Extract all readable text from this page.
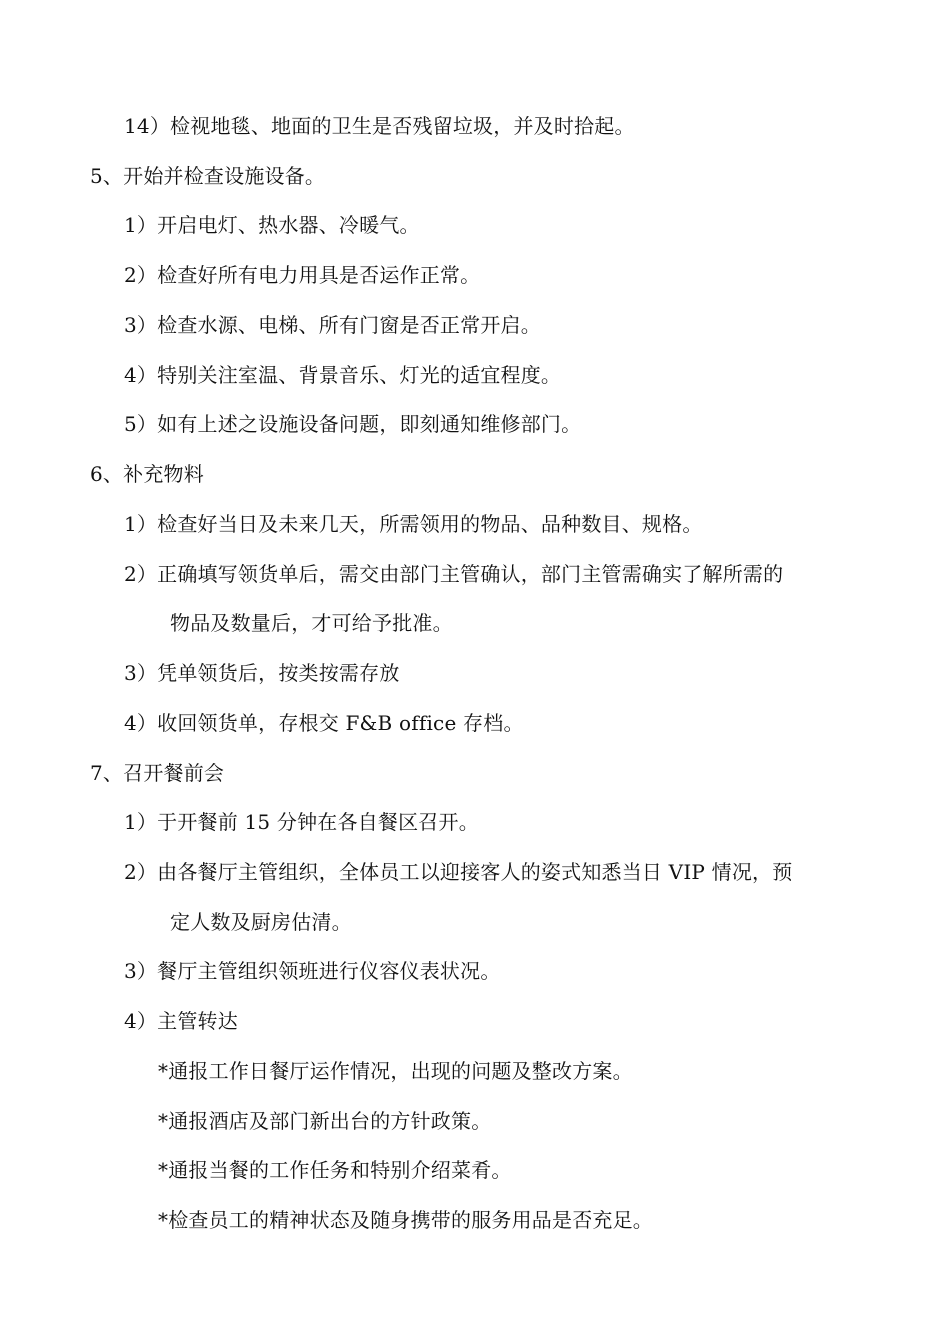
14）检视地毯、地面的卫生是否残留垃圾，并及时拾起。
5、开始并检查设施设备。
1）开启电灯、热水器、冷暖气。
2）检查好所有电力用具是否运作正常。
3）检查水源、电梯、所有门窗是否正常开启。
4）特别关注室温、背景音乐、灯光的适宜程度。
5）如有上述之设施设备问题，即刻通知维修部门。
6、补充物料
1）检查好当日及未来几天，所需领用的物品、品种数目、规格。
2）正确填写领货单后，需交由部门主管确认，部门主管需确实了解所需的
物品及数量后，才可给予批准。
3）凭单领货后，按类按需存放
4）收回领货单，存根交 F&B office 存档。
7、召开餐前会
1）于开餐前 15 分钟在各自餐区召开。
2）由各餐厅主管组织，全体员工以迎接客人的姿式知悉当日 VIP 情况，预
定人数及厨房估清。
3）餐厅主管组织领班进行仪容仪表状况。
4）主管转达
*通报工作日餐厅运作情况，出现的问题及整改方案。
*通报酒店及部门新出台的方针政策。
*通报当餐的工作任务和特别介绍菜肴。
*检查员工的精神状态及随身携带的服务用品是否充足。
